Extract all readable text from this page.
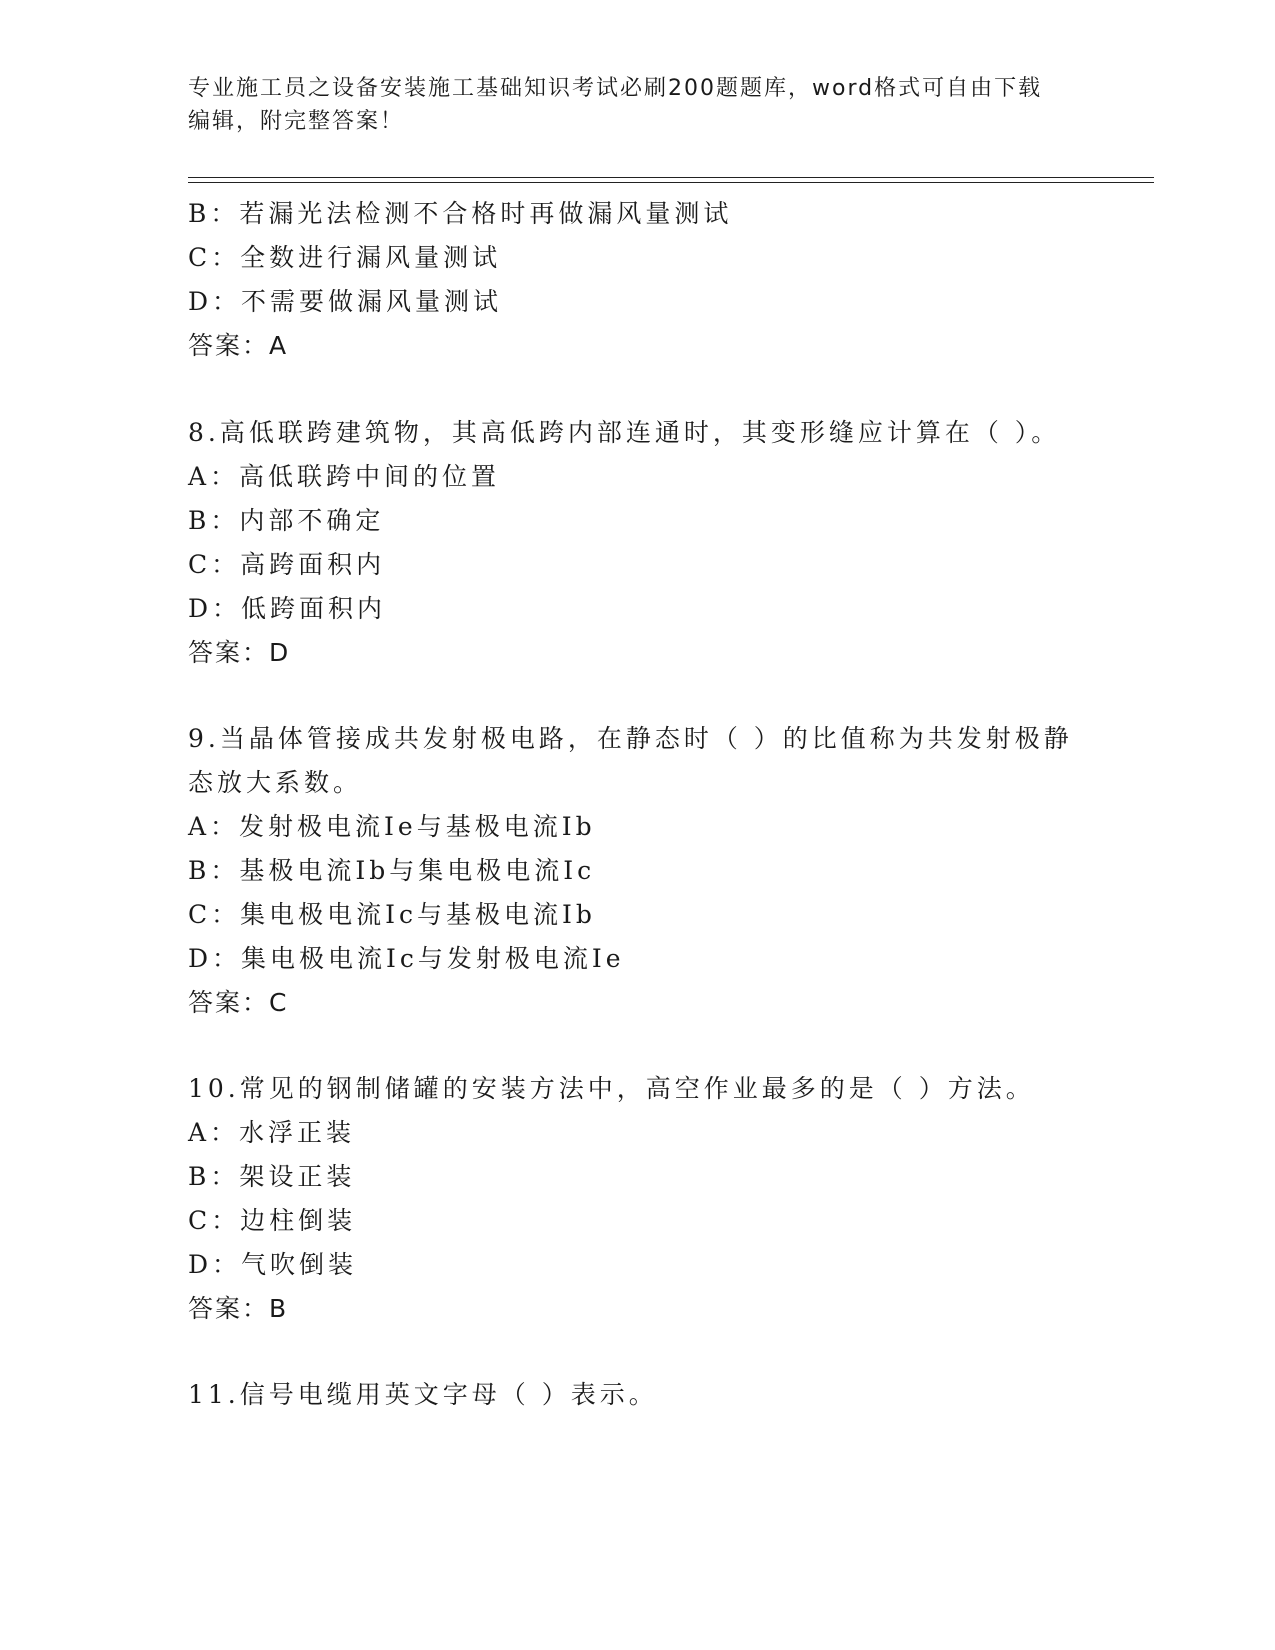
专业施工员之设备安装施工基础知识考试必刷200题题库，word格式可自由下载
编辑，附完整答案！
B：若漏光法检测不合格时再做漏风量测试
C：全数进行漏风量测试
D：不需要做漏风量测试
答案：A
8.高低联跨建筑物，其高低跨内部连通时，其变形缝应计算在（ ）。
A：高低联跨中间的位置
B：内部不确定
C：高跨面积内
D：低跨面积内
答案：D
9.当晶体管接成共发射极电路，在静态时（ ）的比值称为共发射极静
态放大系数。
A：发射极电流Ie与基极电流Ib
B：基极电流Ib与集电极电流Ic
C：集电极电流Ic与基极电流Ib
D：集电极电流Ic与发射极电流Ie
答案：C
10.常见的钢制储罐的安装方法中，高空作业最多的是（ ）方法。
A：水浮正装
B：架设正装
C：边柱倒装
D：气吹倒装
答案：B
11.信号电缆用英文字母（ ）表示。
